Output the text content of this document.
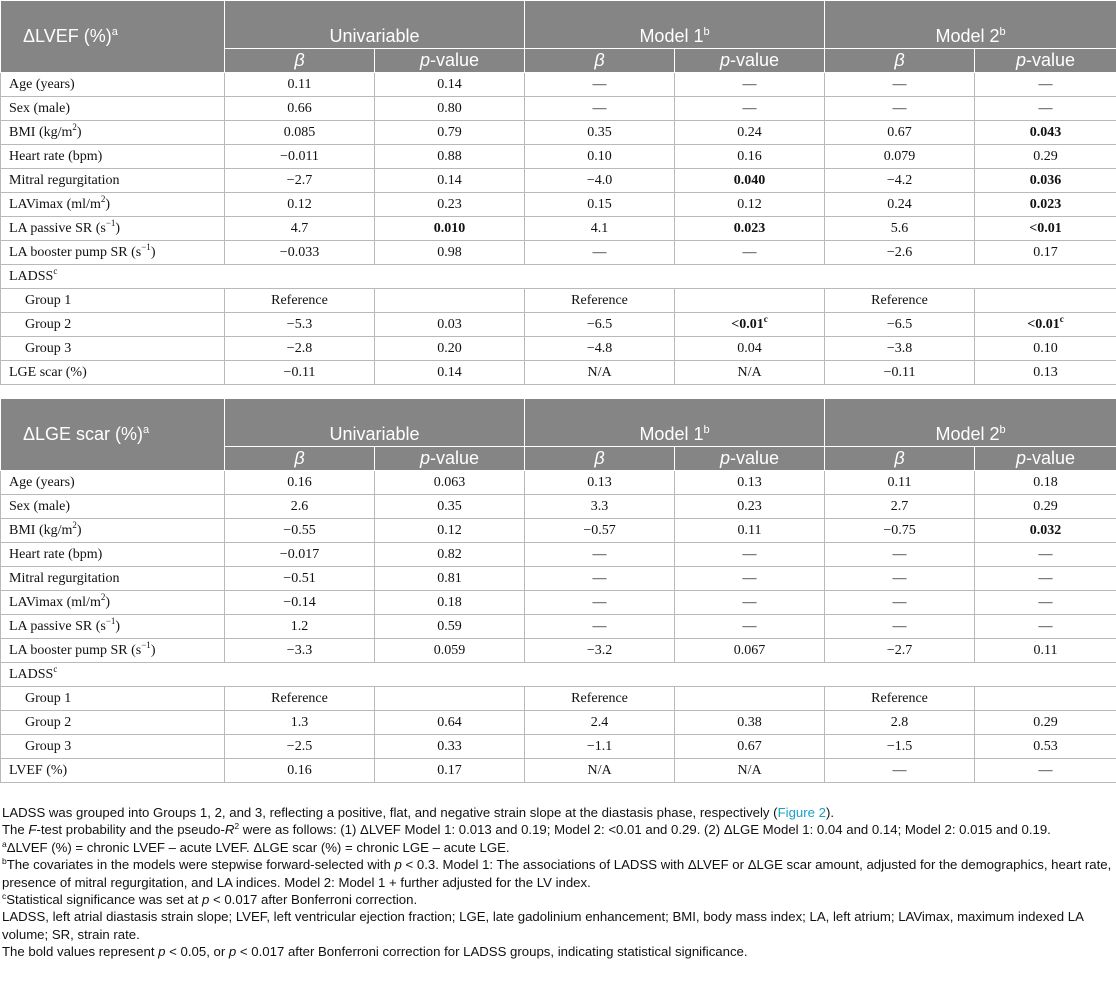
ΔLVEF (%)$^a$	Univariable		Model 1$^b$		Model 2$^b$
	β	p-value	β	p-value	β	p-value
Age (years)	0.11	0.14	—	—	—	—
Sex (male)	0.66	0.80	—	—	—	—
BMI $(kg/m^2)$	0.085	0.79	0.35	0.24	0.67	0.043
Heart rate (bpm)	−0.011	0.88	0.10	0.16	0.079	0.29
Mitral regurgitation	−2.7	0.14	−4.0	0.040	−4.2	0.036
LAVimax $(ml/m^2)$	0.12	0.23	0.15	0.12	0.24	0.023
LA passive SR $(s^{-1})$	4.7	0.010	4.1	0.023	5.6	<0.01
LA booster pump SR $(s^{-1})$	−0.033	0.98	—	—	−2.6	0.17
LADSS$^c$
Group 1	Reference		Reference		Reference	
Group 2	−5.3	0.03	−6.5	<0.01$^c$	−6.5	<0.01$^c$
Group 3	−2.8	0.20	−4.8	0.04	−3.8	0.10
LGE scar (%)	−0.11	0.14	N/A	N/A	−0.11	0.13
ΔLGE scar (%)$^a$	Univariable		Model 1$^b$		Model 2$^b$
	β	p-value	β	p-value	β	p-value
Age (years)	0.16	0.063	0.13	0.13	0.11	0.18
Sex (male)	2.6	0.35	3.3	0.23	2.7	0.29
BMI $(kg/m^2)$	−0.55	0.12	−0.57	0.11	−0.75	0.032
Heart rate (bpm)	−0.017	0.82	—	—	—	—
Mitral regurgitation	−0.51	0.81	—	—	—	—
LAVimax $(ml/m^2)$	−0.14	0.18	—	—	—	—
LA passive SR $(s^{-1})$	1.2	0.59	—	—	—	—
LA booster pump SR $(s^{-1})$	−3.3	0.059	−3.2	0.067	−2.7	0.11
LADSS$^c$
Group 1	Reference		Reference		Reference	
Group 2	1.3	0.64	2.4	0.38	2.8	0.29
Group 3	−2.5	0.33	−1.1	0.67	−1.5	0.53
LVEF (%)	0.16	0.17	N/A	N/A	—	—

LADSS was grouped into Groups 1, 2, and 3, reflecting a positive, flat, and negative strain slope at the diastasis phase, respectively (Figure 2).

The F-test probability and the pseudo-$R^2$ were as follows: (1) ΔLVEF Model 1: 0.013 and 0.19; Model 2: <0.01 and 0.29. (2) ΔLGE Model 1: 0.04 and 0.14; Model 2: 0.015 and 0.19.

$^a$ΔLVEF (%) = chronic LVEF – acute LVEF. ΔLGE scar (%) = chronic LGE – acute LGE.

$^b$The covariates in the models were stepwise forward-selected with p < 0.3. Model 1: The associations of LADSS with ΔLVEF or ΔLGE scar amount, adjusted for the demographics, heart rate, presence of mitral regurgitation, and LA indices. Model 2: Model 1 + further adjusted for the LV index.

$^c$Statistical significance was set at p < 0.017 after Bonferroni correction.

LADSS, left atrial diastasis strain slope; LVEF, left ventricular ejection fraction; LGE, late gadolinium enhancement; BMI, body mass index; LA, left atrium; LAVimax, maximum indexed LA volume; SR, strain rate.

The bold values represent p < 0.05, or p < 0.017 after Bonferroni correction for LADSS groups, indicating statistical significance.
